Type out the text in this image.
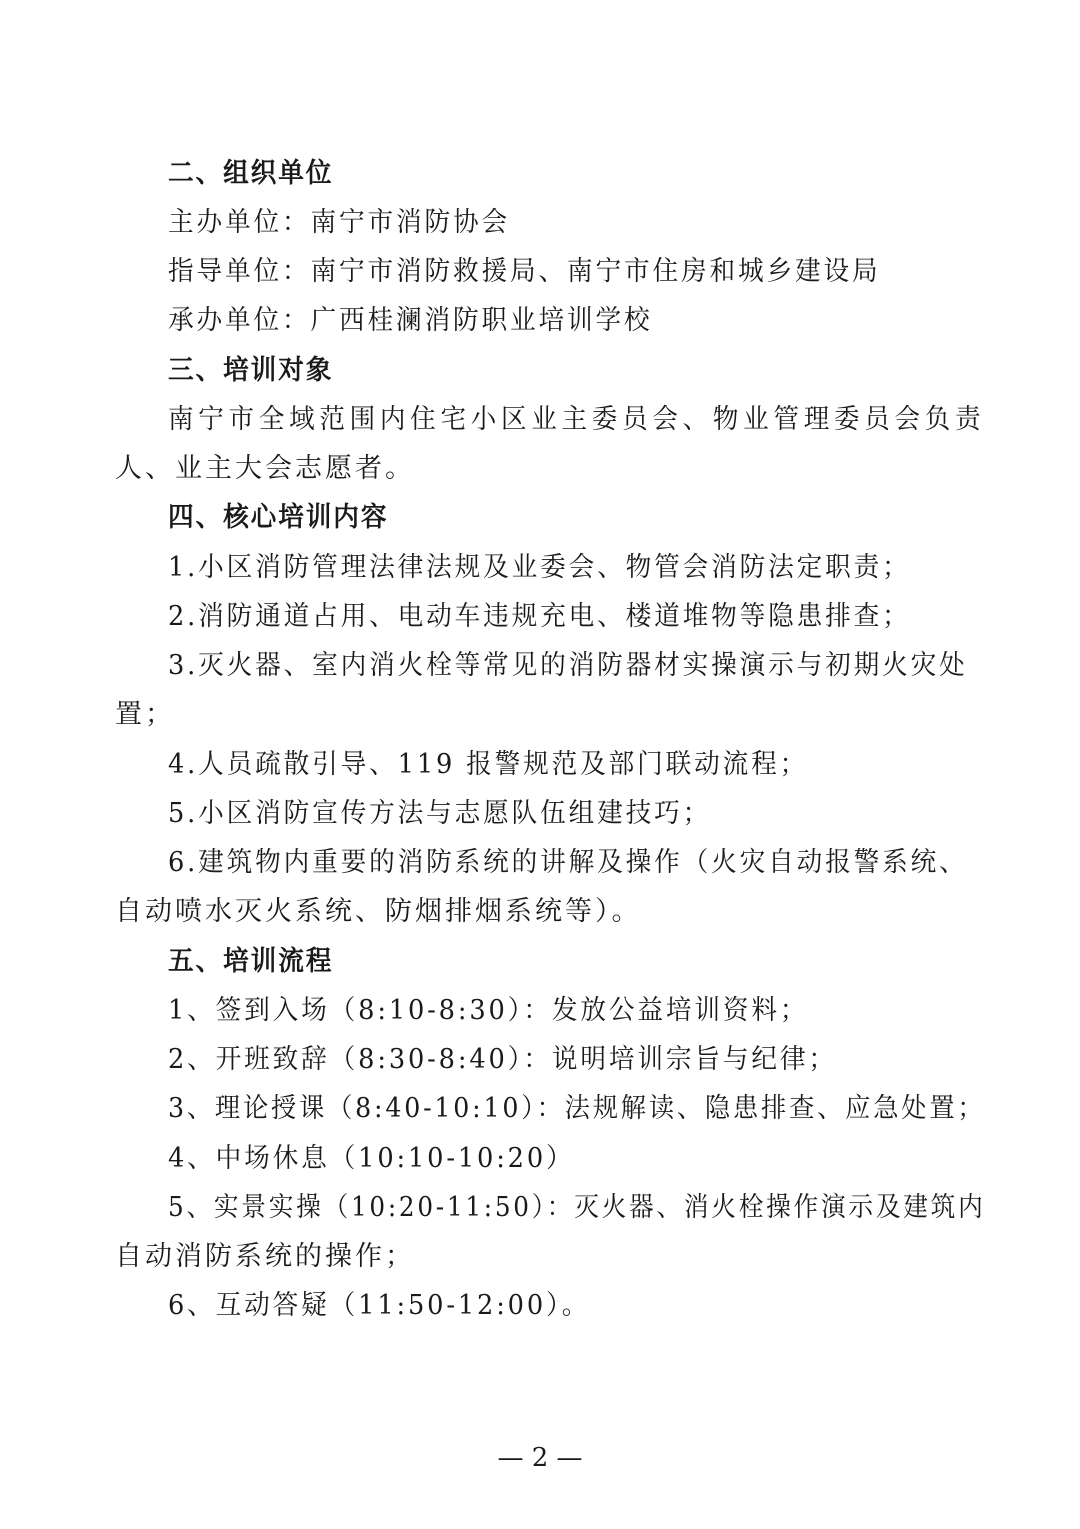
二、组织单位
主办单位：南宁市消防协会
指导单位：南宁市消防救援局、南宁市住房和城乡建设局
承办单位：广西桂澜消防职业培训学校
三、培训对象
南宁市全域范围内住宅小区业主委员会、物业管理委员会负责
人、业主大会志愿者。
四、核心培训内容
1.小区消防管理法律法规及业委会、物管会消防法定职责；
2.消防通道占用、电动车违规充电、楼道堆物等隐患排查；
3.灭火器、室内消火栓等常见的消防器材实操演示与初期火灾处
置；
4.人员疏散引导、119 报警规范及部门联动流程；
5.小区消防宣传方法与志愿队伍组建技巧；
6.建筑物内重要的消防系统的讲解及操作（火灾自动报警系统、
自动喷水灭火系统、防烟排烟系统等）。
五、培训流程
1、签到入场（8:10-8:30）：发放公益培训资料；
2、开班致辞（8:30-8:40）：说明培训宗旨与纪律；
3、理论授课（8:40-10:10）：法规解读、隐患排查、应急处置；
4、中场休息（10:10-10:20）
5、实景实操（10:20-11:50）：灭火器、消火栓操作演示及建筑内
自动消防系统的操作；
6、互动答疑（11:50-12:00）。
— 2 —
